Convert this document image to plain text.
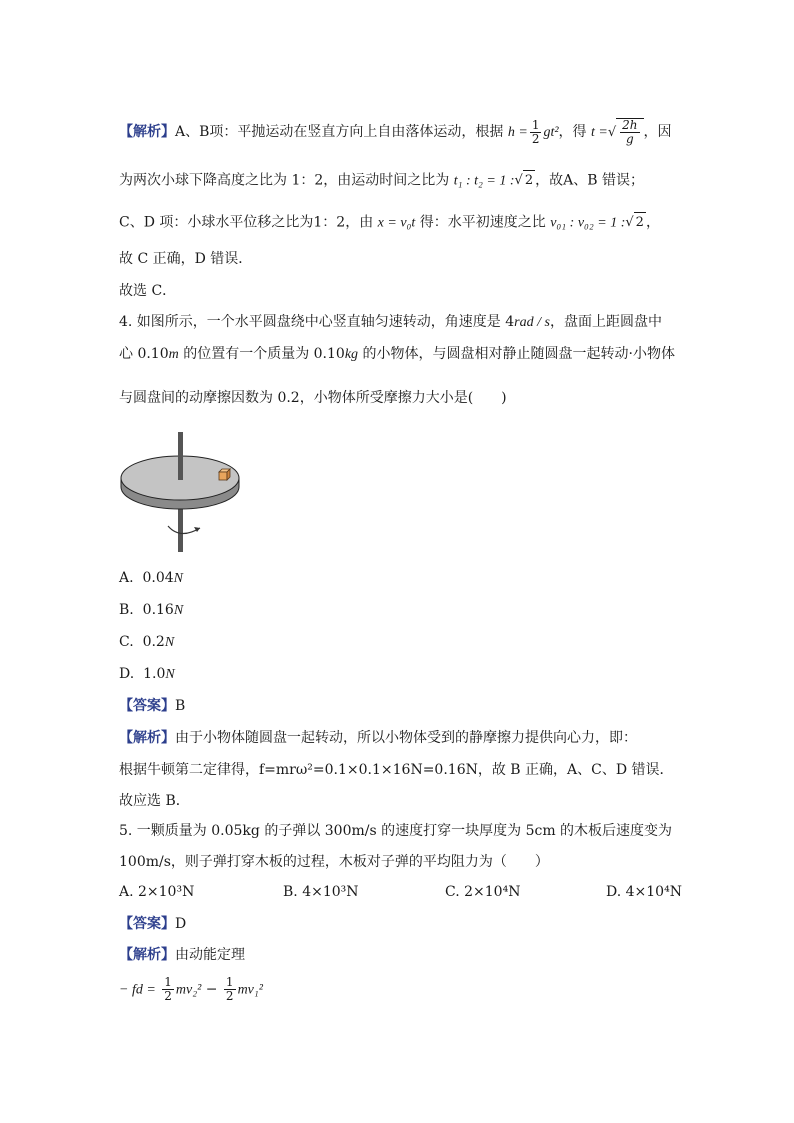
【解析】A、B项：平抛运动在竖直方向上自由落体运动，根据 $h = \frac{1}{2} gt^2$，得 t =√ $\frac{2h}{g}$ ，因
为两次小球下降高度之比为 1：2，由运动时间之比为 t₁ : t₂ = 1 :√ 2 ，故A、B 错误；
C、D 项：小球水平位移之比为1：2，由 x = v₀t 得：水平初速度之比 v₀₁ : v₀₂ = 1 :√ 2 ，
故 C 正确，D 错误．
故选 C．
4. 如图所示，一个水平圆盘绕中心竖直轴匀速转动，角速度是 4rad / s，盘面上距圆盘中
心 0.10m 的位置有一个质量为 0.10kg 的小物体，与圆盘相对静止随圆盘一起转动·小物体
与圆盘间的动摩擦因数为 0.2，小物体所受摩擦力大小是(　　)
A. 0.04N
B. 0.16N
C. 0.2N
D. 1.0N
【答案】B
【解析】由于小物体随圆盘一起转动，所以小物体受到的静摩擦力提供向心力，即：
根据牛顿第二定律得，f=mrω²=0.1×0.1×16N=0.16N，故 B 正确，A、C、D 错误．
故应选 B．
5. 一颗质量为 0.05kg 的子弹以 300m/s 的速度打穿一块厚度为 5cm 的木板后速度变为
100m/s，则子弹打穿木板的过程，木板对子弹的平均阻力为（　　）
A. 2×10³N	B. 4×10³N	C. 2×10⁴N	D. 4×10⁴N
【答案】D
【解析】由动能定理
− fd = $\frac{1}{2} mv_2^2 - \frac{1}{2} mv_1^2$
